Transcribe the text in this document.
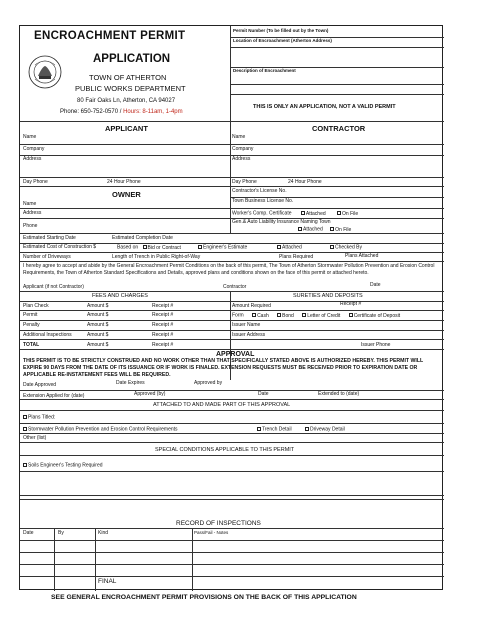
ENCROACHMENT PERMIT
APPLICATION
TOWN OF ATHERTON
PUBLIC WORKS DEPARTMENT
80 Fair Oaks Ln, Atherton, CA 94027
Phone: 650-752-0570 / Hours: 8-11am, 1-4pm
Permit Number (To be filled out by the Town)
Location of Encroachment (Atherton Address)
Description of Encroachment
THIS IS ONLY AN APPLICATION, NOT A VALID PERMIT
APPLICANT	CONTRACTOR
Name	Name
Company	Company
Address	Address
Day Phone	24 Hour Phone	Day Phone	24 Hour Phone
OWNER	Contractor's License No.
Name	Town Business License No.
Address	Worker's Comp. Certificate	Attached	On File
Phone
Gen.& Auto Liability Insurance Naming Town
Attached On File
Estimated Starting Date	Estimated Completion Date
Estimated Cost of Construction $	Based on Bid or Contract	Engineer's Estimate	Attached	Checked By
Number of Driveways	Length of Trench in Public Right-of-Way	Plans Required	Plans Attached
I hereby agree to accept and abide by the General Encroachment Permit Conditions on the back of this permit, The Town of Atherton Stormwater Pollution Prevention and Erosion Control Requirements, the Town of Atherton Standard Specifications and Details, approved plans and conditions shown on the face of this permit or attached hereto.
Applicant (if not Contractor)	Contractor	Date
FEES AND CHARGES	SURETIES AND DEPOSITS
Plan Check	Amount $	Receipt #
Permit	Amount $	Receipt #
Penalty	Amount $	Receipt #
Additional Inspections	Amount $	Receipt #
TOTAL	Amount $	Receipt #
Amount Required	Receipt #
Form	Cash	Bond	Letter of Credit	Certificate of Deposit
Issuer Name
Issuer Address
Issuer Phone
APPROVAL
THIS PERMIT IS TO BE STRICTLY CONSTRUED AND NO WORK OTHER THAN THAT SPECIFICALLY STATED ABOVE IS AUTHORIZED HEREBY. THIS PERMIT WILL EXPIRE 90 DAYS FROM THE DATE OF ITS ISSUANCE OR IF WORK IS FINALED. EXTENSION REQUESTS MUST BE RECEIVED PRIOR TO EXPIRATION DATE OR APPLICABLE RE-INSTATEMENT FEES WILL BE REQUIRED.
Date Approved	Date Expires	Approved by
Extension Applied for (date)	Approved (by)	Date	Extended to (date)
ATTACHED TO AND MADE PART OF THIS APPROVAL
Plans Titled:
Stormwater Pollution Prevention and Erosion Control Requirements	Trench Detail	Driveway Detail
Other (list)
SPECIAL CONDITIONS APPLICABLE TO THIS PERMIT
Soils Engineer's Testing Required
RECORD OF INSPECTIONS
Date	By	Kind	Pass/Fail - Notes
FINAL
SEE GENERAL ENCROACHMENT PERMIT PROVISIONS ON THE BACK OF THIS APPLICATION
